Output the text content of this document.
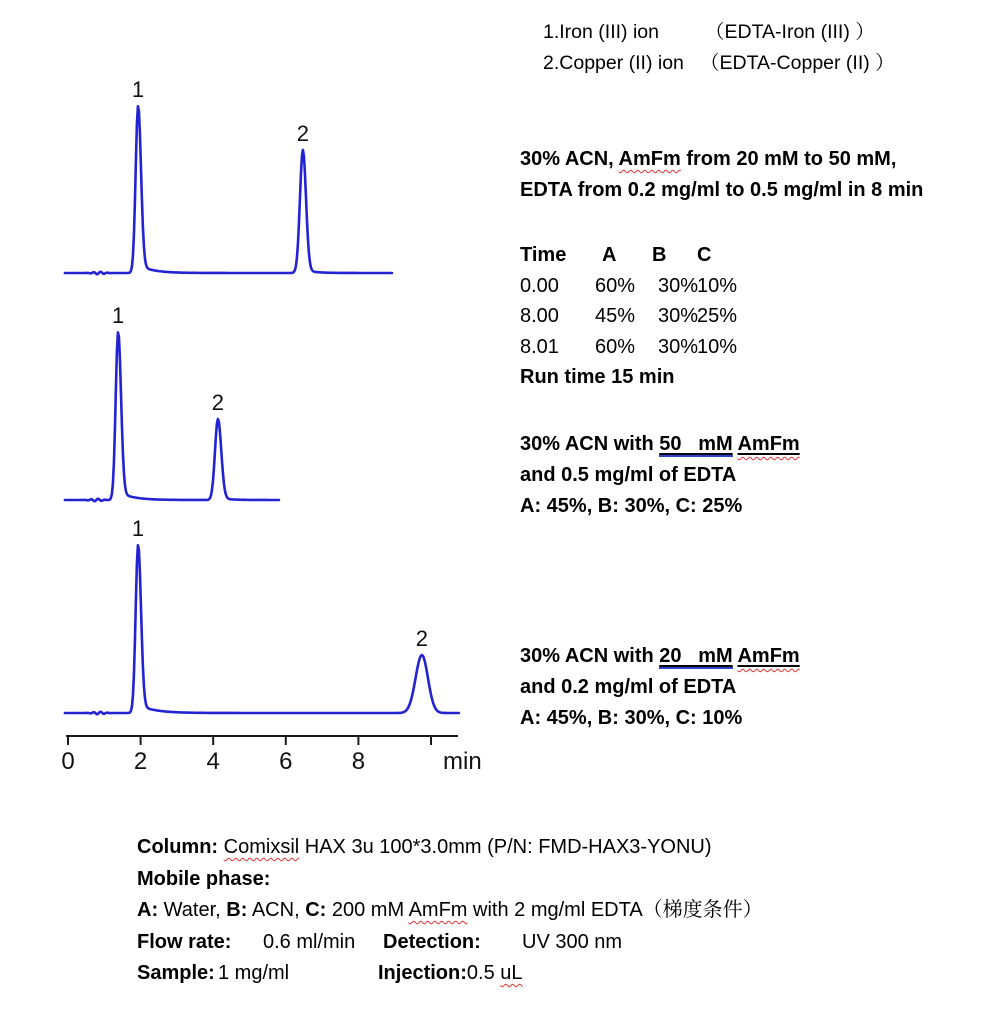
0 2 4 6 8	min
1
2
1
2
1
2
1.Iron (III) ion （EDTA-Iron (III) ）
2.Copper (II) ion （EDTA-Copper (II) ）
30% ACN, AmFm from 20 mM to 50 mM,
EDTA from 0.2 mg/ml to 0.5 mg/ml in 8 min
Time A B C
0.00 60% 30%10%
8.00 45% 30%25%
8.01 60% 30%10%
Run time 15 min
30% ACN with 50   mM AmFm
and 0.5 mg/ml of EDTA
A: 45%, B: 30%, C: 25%
30% ACN with 20   mM AmFm
and 0.2 mg/ml of EDTA
A: 45%, B: 30%, C: 10%
Column: Comixsil HAX 3u 100*3.0mm (P/N: FMD-HAX3-YONU)
Mobile phase:
A: Water, B: ACN, C: 200 mM AmFm with 2 mg/ml EDTA（梯度条件）
Flow rate: 0.6 ml/min Detection: UV 300 nm
Sample: 1 mg/ml	Injection:0.5 uL
